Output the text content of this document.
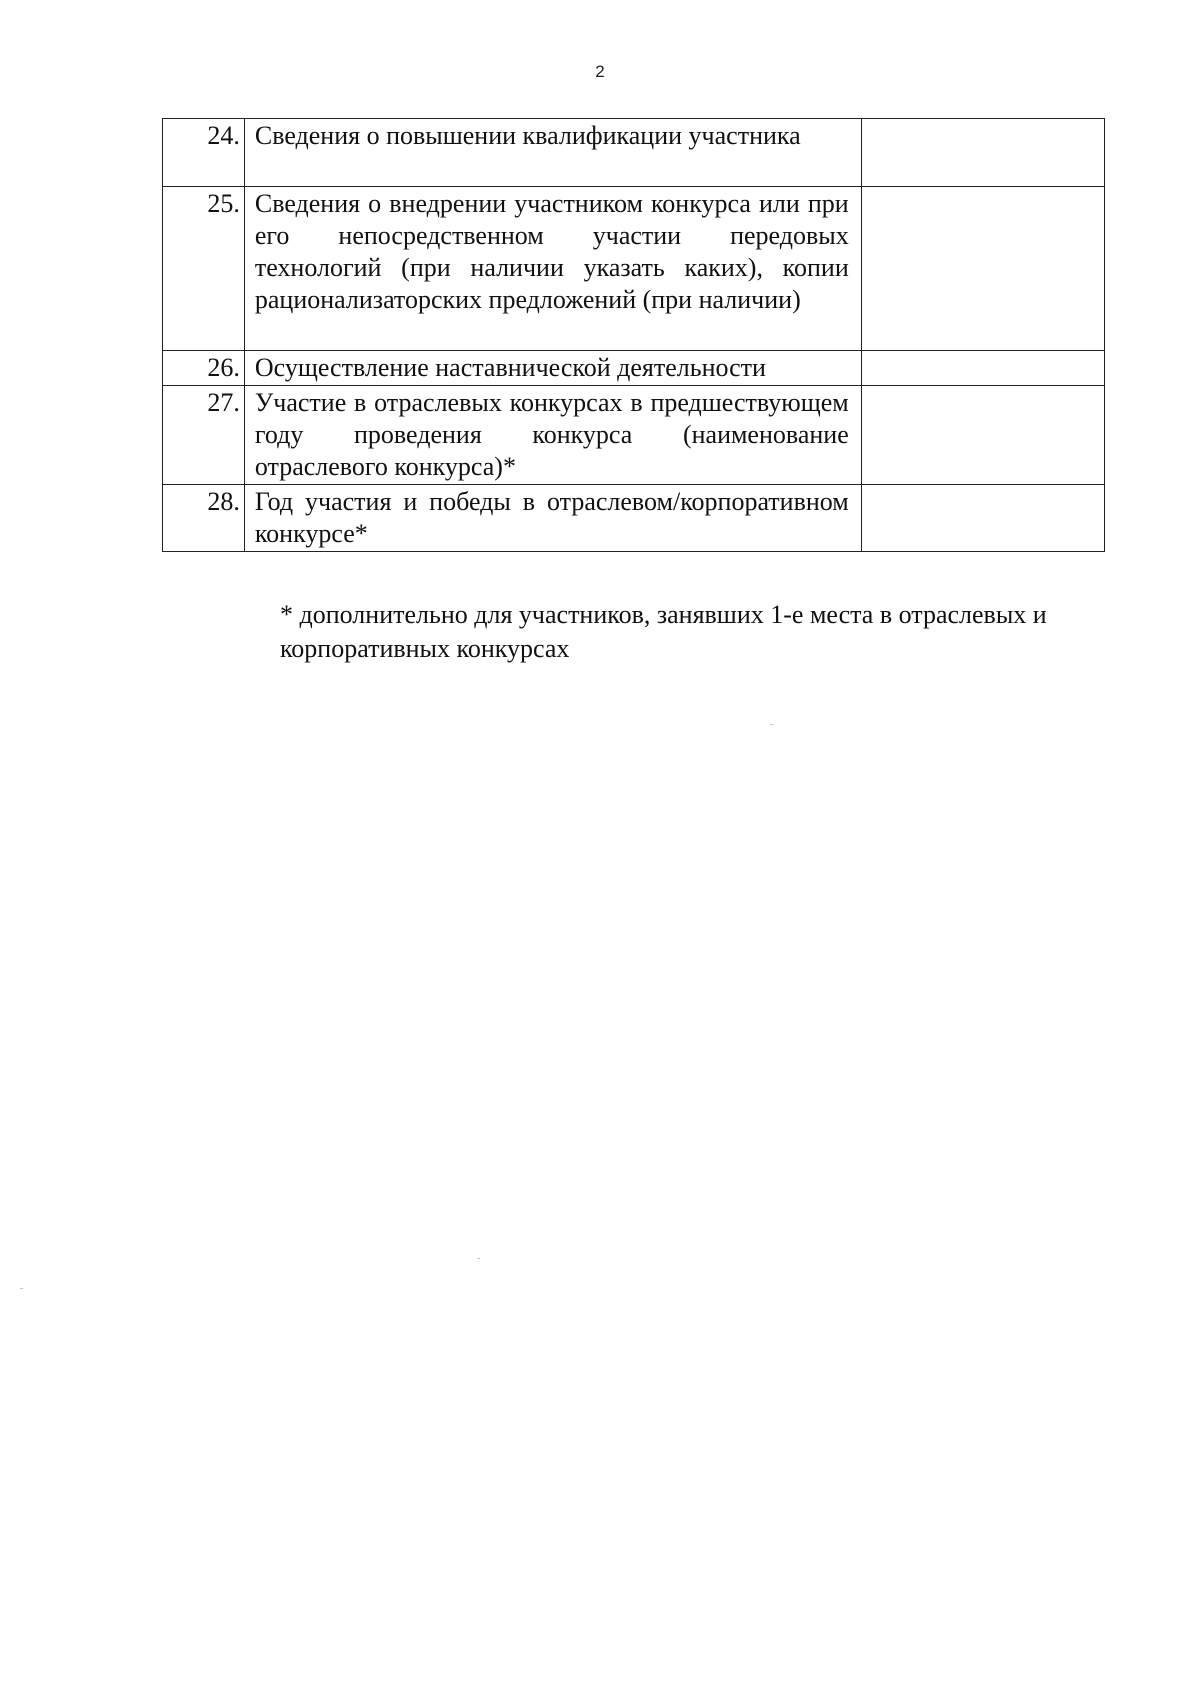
2
24.	Сведения о повышении квалификации участника	
25.	Сведения о внедрении участником конкурса или при его непосредственном участии передовых технологий (при наличии указать каких), копии рационализаторских предложений (при наличии)	
26.	Осуществление наставнической деятельности	
27.	Участие в отраслевых конкурсах в предшествующем году проведения конкурса (наименование отраслевого конкурса)*	
28.	Год участия и победы в отраслевом/корпоративном конкурсе*	
* дополнительно для участников, занявших 1-е места в отраслевых и корпоративных конкурсах
